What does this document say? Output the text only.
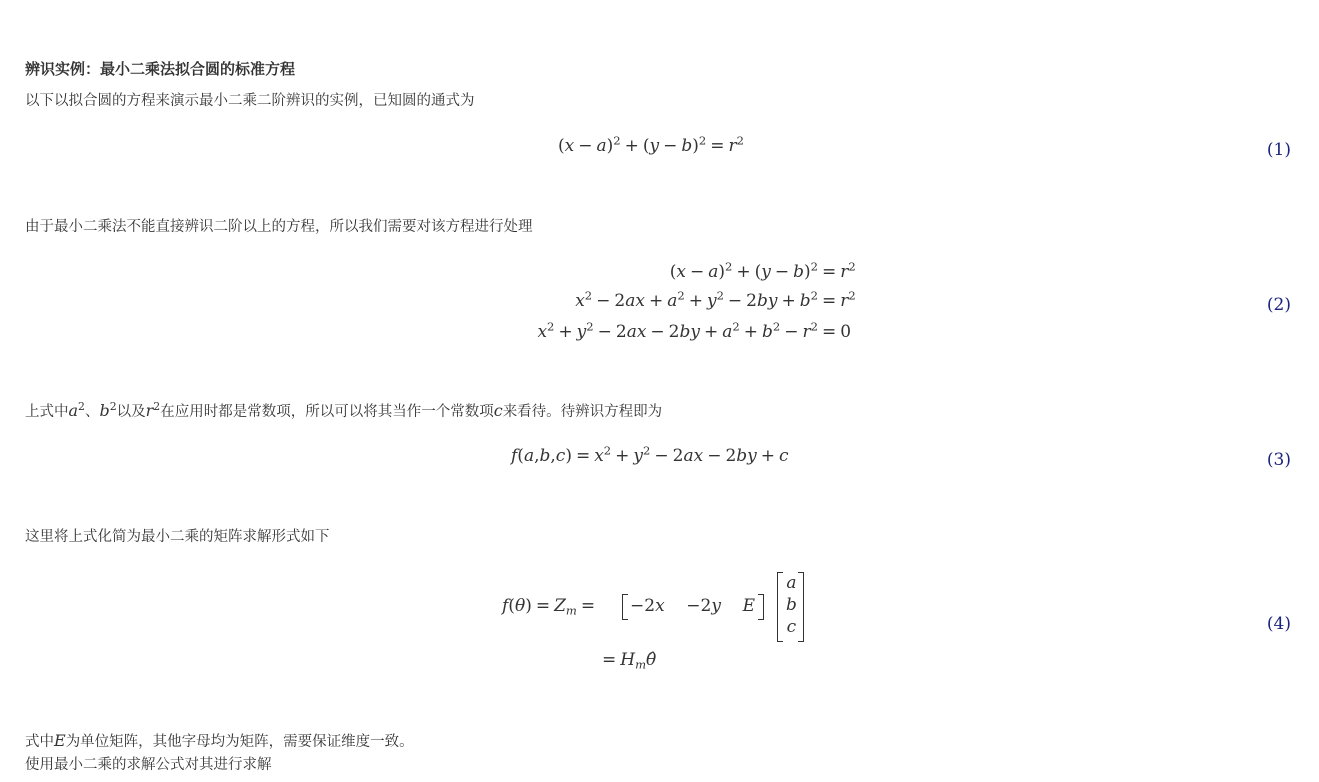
辨识实例：最小二乘法拟合圆的标准方程
以下以拟合圆的方程来演示最小二乘二阶辨识的实例，已知圆的通式为
$(x - a)^2 + (y - b)^2 = r^2$	(1)
由于最小二乘法不能直接辨识二阶以上的方程，所以我们需要对该方程进行处理
$(x - a)^2 + (y - b)^2 = r^2$
$x^2 - 2ax + a^2 + y^2 - 2by + b^2 = r^2$
$x^2 + y^2 - 2ax - 2by + a^2 + b^2 - r^2 = 0$
(2)
上式中$a^2$、$b^2$以及$r^2$在应用时都是常数项，所以可以将其当作一个常数项c来看待。待辨识方程即为
$f(a,b,c) = x^2 + y^2 - 2ax - 2by + c$	(3)
这里将上式化简为最小二乘的矩阵求解形式如下
$f(\theta) = Z_m = -2x$    −2y E
a
b
c
= $H_m\thetâ$
(4)
式中E为单位矩阵，其他字母均为矩阵，需要保证维度一致。
使用最小二乘的求解公式对其进行求解
